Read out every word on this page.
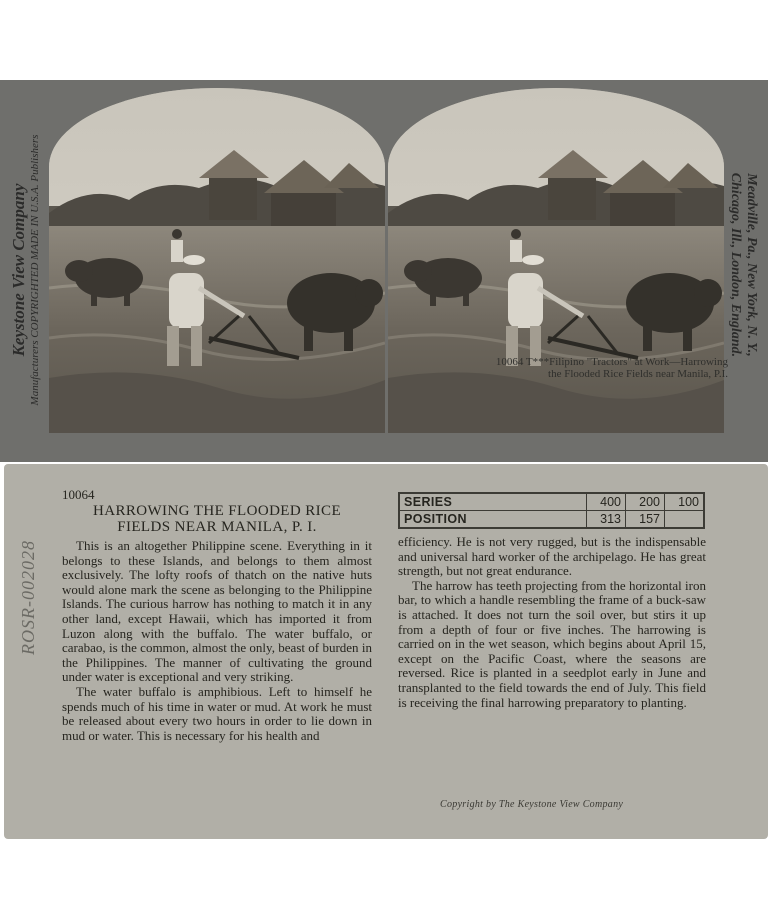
Keystone View Company Manufacturers COPYRIGHTED MADE IN U.S.A. Publishers	Meadville, Pa., New York, N. Y.,
Chicago, Ill., London, England.
10064 T***Filipino "Tractors" at Work—Harrowing
the Flooded Rice Fields near Manila, P.I.
ROSR-002028

10064

HARROWING THE FLOODED RICE
FIELDS NEAR MANILA, P. I.

This is an altogether Philippine scene. Everything in it belongs to these Islands, and belongs to them almost exclusively. The lofty roofs of thatch on the native huts would alone mark the scene as belonging to the Philippine Islands. The curious harrow has nothing to match it in any other land, except Hawaii, which has imported it from Luzon along with the buffalo. The water buffalo, or carabao, is the common, almost the only, beast of burden in the Philippines. The manner of cultivating the ground under water is exceptional and very striking.

The water buffalo is amphibious. Left to himself he spends much of his time in water or mud. At work he must be released about every two hours in order to lie down in mud or water. This is necessary for his health and

SERIES	400	200	100
POSITION	313	157	

efficiency. He is not very rugged, but is the indispensable and universal hard worker of the archipelago. He has great strength, but not great endurance.

The harrow has teeth projecting from the horizontal iron bar, to which a handle resembling the frame of a buck-saw is attached. It does not turn the soil over, but stirs it up from a depth of four or five inches. The harrowing is carried on in the wet season, which begins about April 15, except on the Pacific Coast, where the seasons are reversed. Rice is planted in a seedplot early in June and transplanted to the field towards the end of July. This field is receiving the final harrowing preparatory to planting.

Copyright by The Keystone View Company
